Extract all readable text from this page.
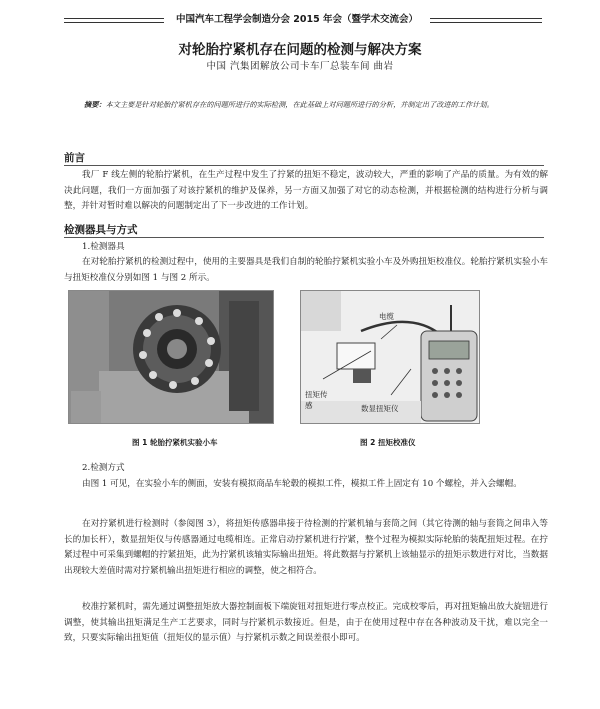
中国汽车工程学会制造分会 2015 年会（暨学术交流会）
对轮胎拧紧机存在问题的检测与解决方案
中国 汽集团解放公司卡车厂总装车间 曲岩
摘要：本文主要是针对轮胎拧紧机存在的问题所进行的实际检测，在此基础上对问题所进行的分析，并制定出了改进的工作计划。
前言
我厂 F 线左侧的轮胎拧紧机，在生产过程中发生了拧紧的扭矩不稳定，波动较大，严重的影响了产品的质量。为有效的解决此问题，我们一方面加强了对该拧紧机的维护及保养，另一方面又加强了对它的动态检测，并根据检测的结构进行分析与调整，并针对暂时难以解决的问题制定出了下一步改进的工作计划。
检测器具与方式
1.检测器具
在对轮胎拧紧机的检测过程中，使用的主要器具是我们自制的轮胎拧紧机实验小车及外购扭矩校准仪。轮胎拧紧机实验小车与扭矩校准仪分别如图 1 与图 2 所示。
图 1 轮胎拧紧机实验小车
电缆
扭矩传 感	数显扭矩仪
图 2 扭矩校准仪
2.检测方式
由图 1 可见，在实验小车的侧面，安装有模拟商品车轮毂的模拟工件，模拟工件上固定有 10 个螺栓，并入会螺帽。
在对拧紧机进行检测时（参阅图 3），将扭矩传感器串接于待检测的拧紧机轴与套筒之间（其它待测的轴与套筒之间串入等长的加长杆），数显扭矩仪与传感器通过电缆相连。正常启动拧紧机进行拧紧，整个过程为模拟实际轮胎的装配扭矩过程。在拧紧过程中可采集到螺帽的拧紧扭矩，此为拧紧机该轴实际输出扭矩。将此数据与拧紧机上该轴显示的扭矩示数进行对比，当数据出现较大差值时需对拧紧机输出扭矩进行相应的调整，使之相符合。
校准拧紧机时，需先通过调整扭矩放大器控制面板下端旋钮对扭矩进行零点校正。完成校零后，再对扭矩输出放大旋钮进行调整，使其输出扭矩满足生产工艺要求，同时与拧紧机示数接近。但是，由于在使用过程中存在各种波动及干扰，难以完全一致，只要实际输出扭矩值（扭矩仪的显示值）与拧紧机示数之间误差很小即可。
